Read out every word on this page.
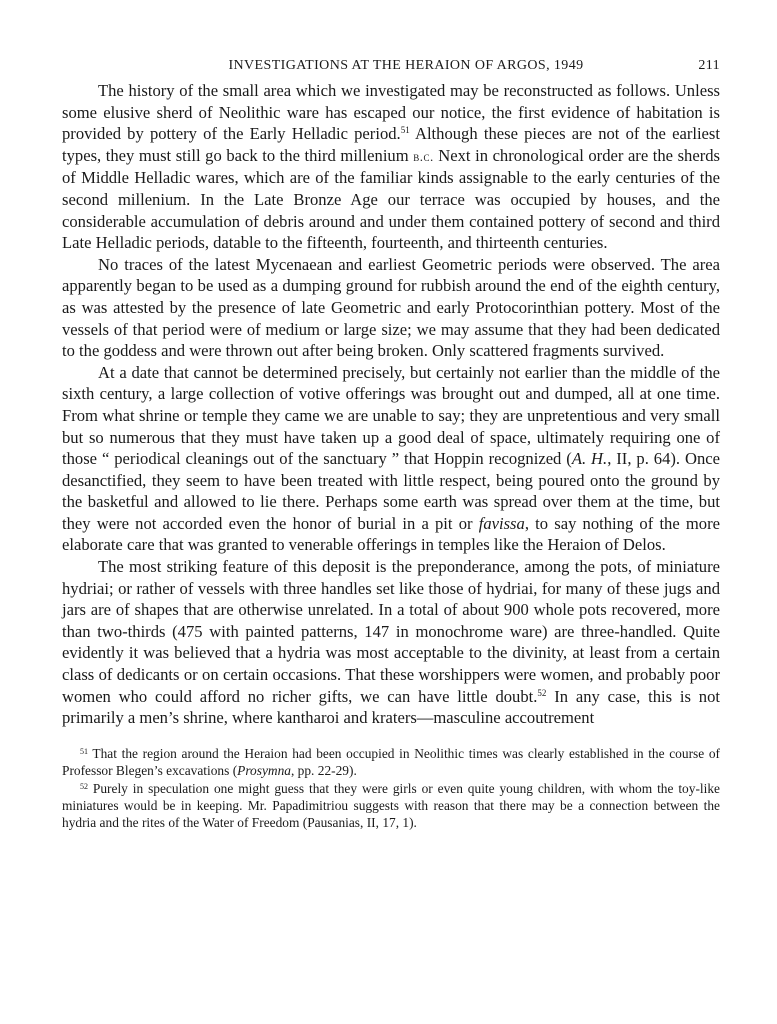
INVESTIGATIONS AT THE HERAION OF ARGOS, 1949	211

The history of the small area which we investigated may be reconstructed as follows. Unless some elusive sherd of Neolithic ware has escaped our notice, the first evidence of habitation is provided by pottery of the Early Helladic period.$^{51}$ Although these pieces are not of the earliest types, they must still go back to the third millenium b.c. Next in chronological order are the sherds of Middle Helladic wares, which are of the familiar kinds assignable to the early centuries of the second millenium. In the Late Bronze Age our terrace was occupied by houses, and the considerable accumulation of debris around and under them contained pottery of second and third Late Helladic periods, datable to the fifteenth, fourteenth, and thirteenth centuries.

No traces of the latest Mycenaean and earliest Geometric periods were observed. The area apparently began to be used as a dumping ground for rubbish around the end of the eighth century, as was attested by the presence of late Geometric and early Protocorinthian pottery. Most of the vessels of that period were of medium or large size; we may assume that they had been dedicated to the goddess and were thrown out after being broken. Only scattered fragments survived.

At a date that cannot be determined precisely, but certainly not earlier than the middle of the sixth century, a large collection of votive offerings was brought out and dumped, all at one time. From what shrine or temple they came we are unable to say; they are unpretentious and very small but so numerous that they must have taken up a good deal of space, ultimately requiring one of those “ periodical cleanings out of the sanctuary ” that Hoppin recognized (A. H., II, p. 64). Once desanctified, they seem to have been treated with little respect, being poured onto the ground by the basketful and allowed to lie there. Perhaps some earth was spread over them at the time, but they were not accorded even the honor of burial in a pit or favissa, to say nothing of the more elaborate care that was granted to venerable offerings in temples like the Heraion of Delos.

The most striking feature of this deposit is the preponderance, among the pots, of miniature hydriai; or rather of vessels with three handles set like those of hydriai, for many of these jugs and jars are of shapes that are otherwise unrelated. In a total of about 900 whole pots recovered, more than two-thirds (475 with painted patterns, 147 in monochrome ware) are three-handled. Quite evidently it was believed that a hydria was most acceptable to the divinity, at least from a certain class of dedicants or on certain occasions. That these worshippers were women, and probably poor women who could afford no richer gifts, we can have little doubt.$^{52}$ In any case, this is not primarily a men’s shrine, where kantharoi and kraters—masculine accoutrement

$^{51}$ That the region around the Heraion had been occupied in Neolithic times was clearly established in the course of Professor Blegen’s excavations (Prosymna, pp. 22-29).

$^{52}$ Purely in speculation one might guess that they were girls or even quite young children, with whom the toy-like miniatures would be in keeping. Mr. Papadimitriou suggests with reason that there may be a connection between the hydria and the rites of the Water of Freedom (Pausanias, II, 17, 1).
